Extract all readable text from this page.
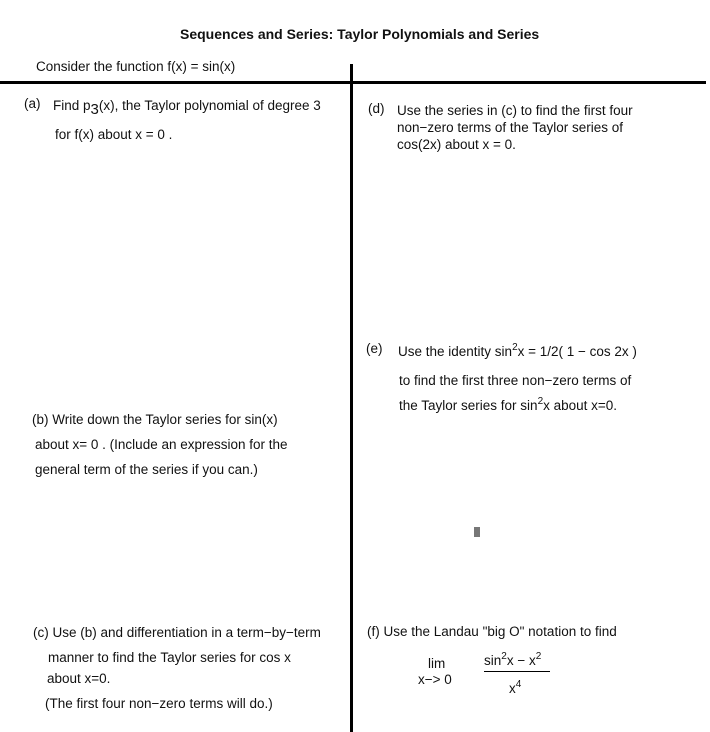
Sequences and Series: Taylor Polynomials and Series
Consider the function f(x) = sin(x)
(a) Find p3(x), the Taylor polynomial of degree 3
for f(x) about x = 0 .
(b) Write down the Taylor series for sin(x)
about x= 0 . (Include an expression for the
general term of the series if you can.)
(c) Use (b) and differentiation in a term−by−term
manner to find the Taylor series for cos x
about x=0.
(The first four non−zero terms will do.)
(d) Use the series in (c) to find the first four
non−zero terms of the Taylor series of
cos(2x) about x = 0.
(e) Use the identity $\sin^2x = 1/2$( 1 − cos 2x )
to find the first three non−zero terms of
the Taylor series for $\sin^2x$ about x=0.
(f) Use the Landau "big O" notation to find
lim
x−> 0
$\sin^2x - x^2$
$x^4$
